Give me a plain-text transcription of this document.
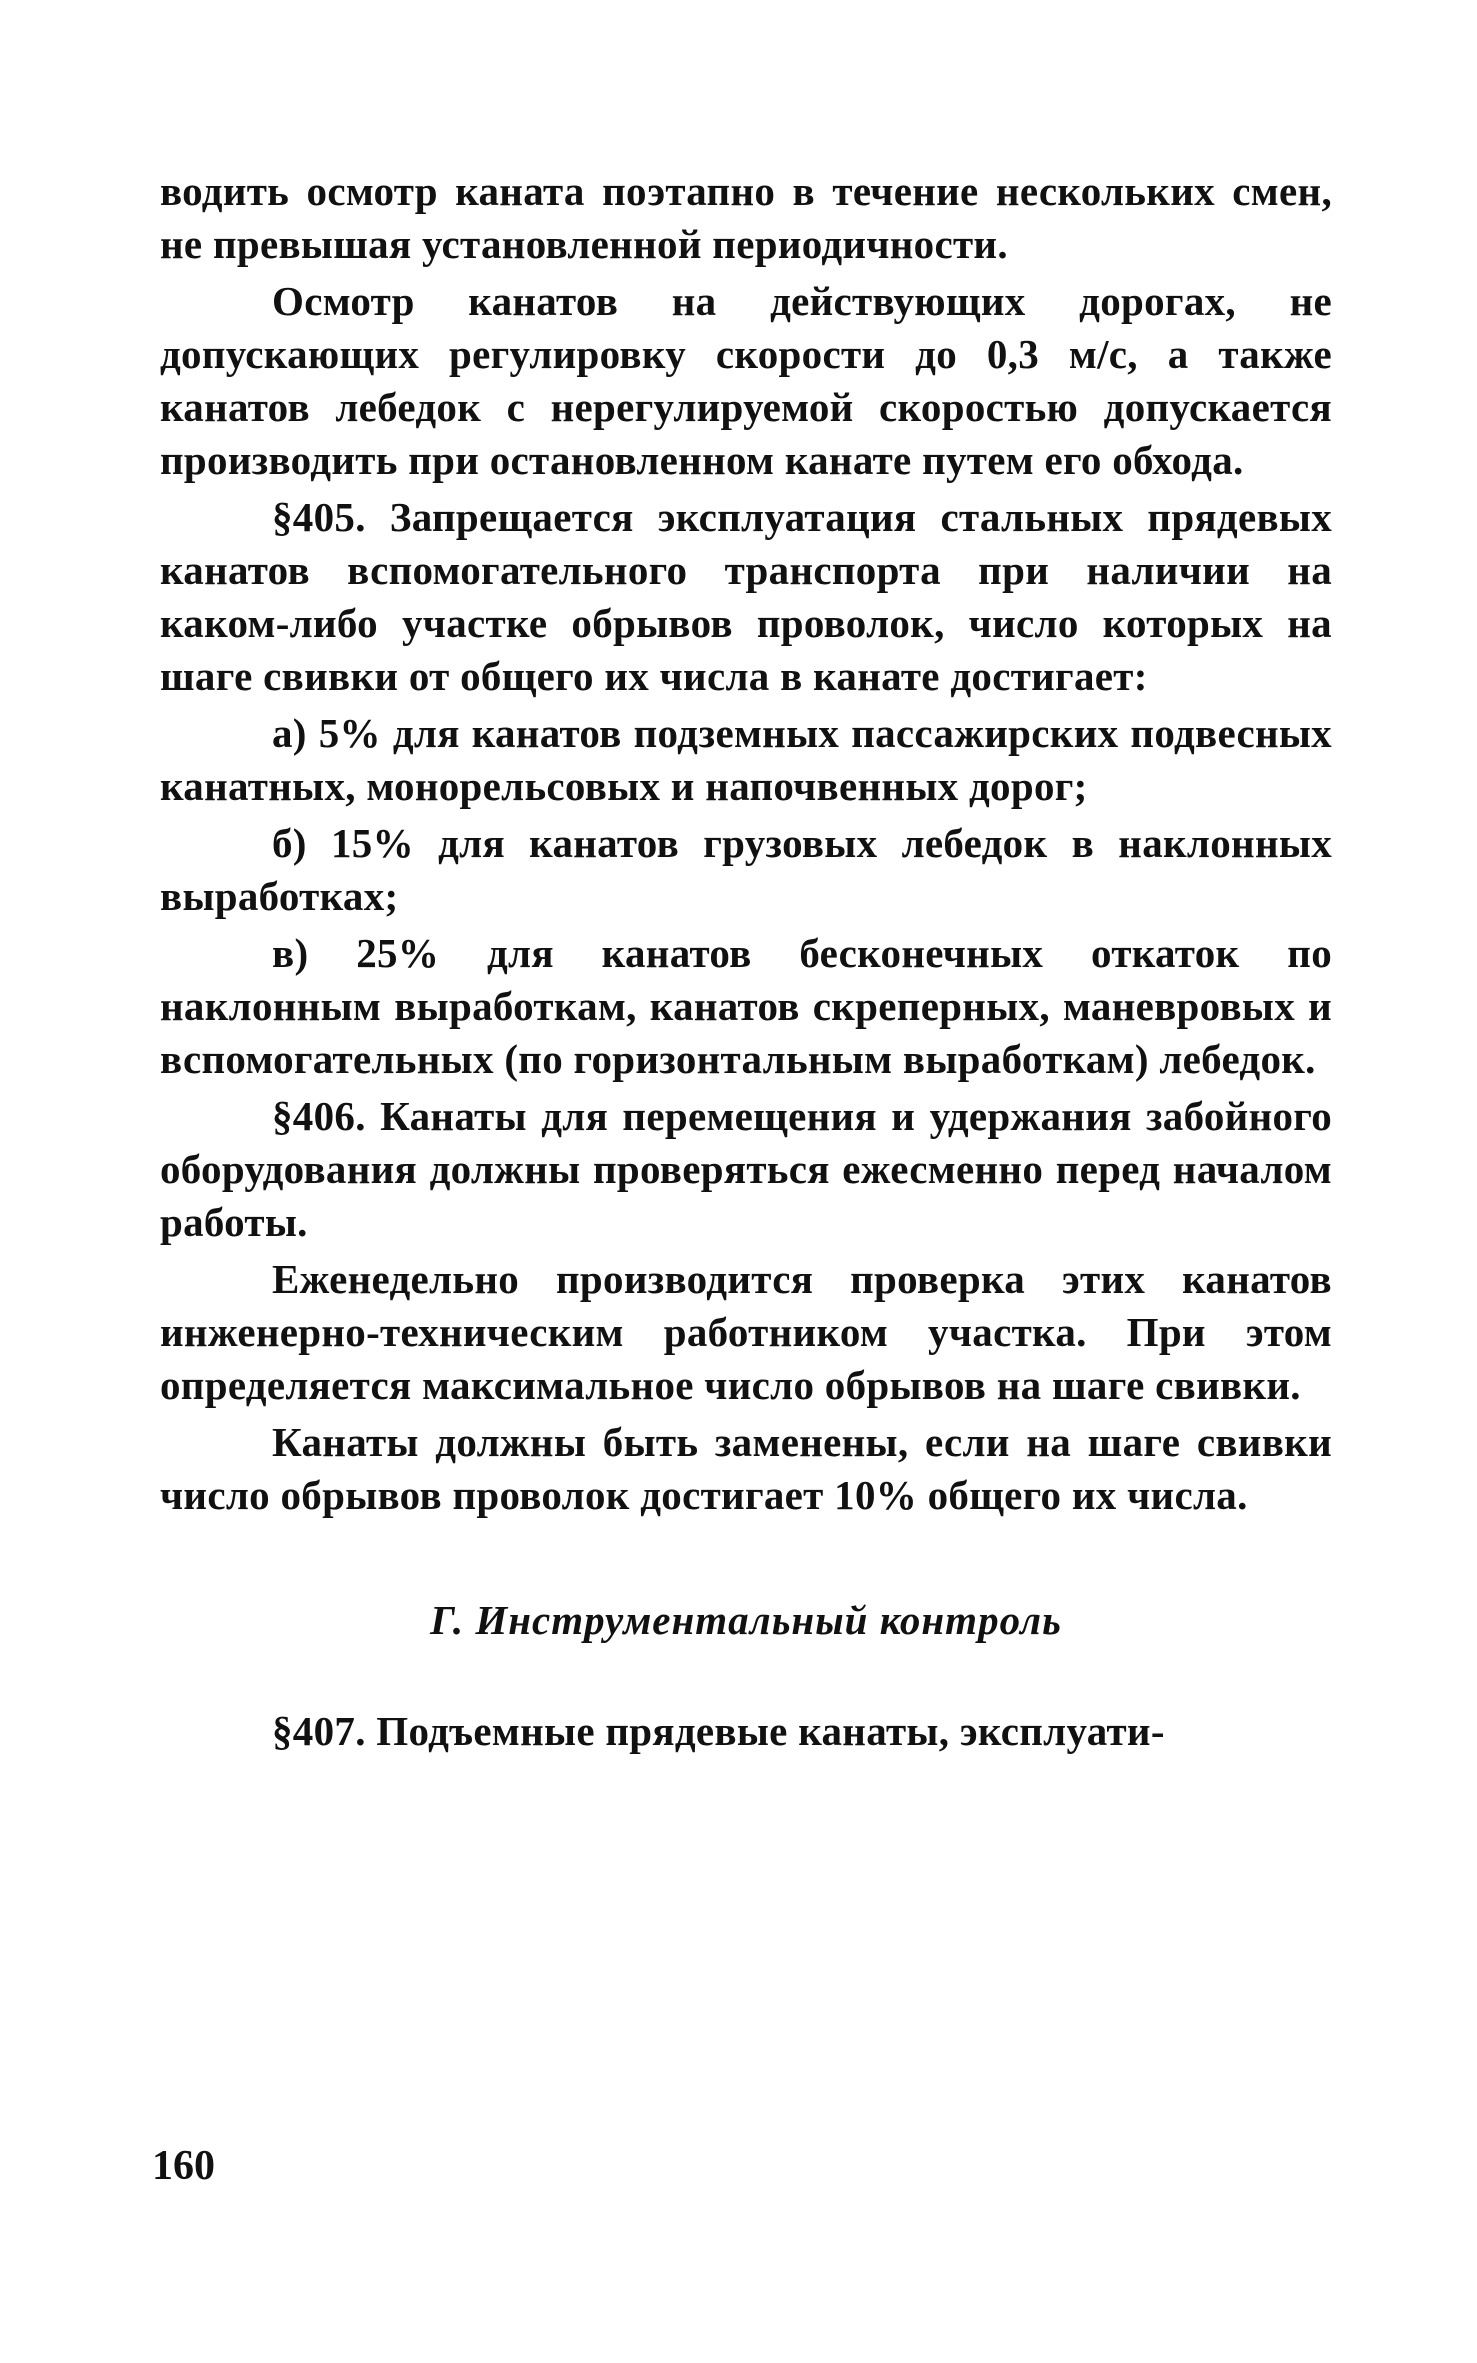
водить осмотр каната поэтапно в течение нескольких смен, не превышая установленной периодичности.

Осмотр канатов на действующих дорогах, не допускающих регулировку скорости до 0,3 м/с, а также канатов лебедок с нерегулируемой скоростью допускается производить при остановленном канате путем его обхода.

§405. Запрещается эксплуатация стальных прядевых канатов вспомогательного транспорта при наличии на каком-либо участке обрывов проволок, число которых на шаге свивки от общего их числа в канате достигает:

а) 5% для канатов подземных пассажирских подвесных канатных, монорельсовых и напочвенных дорог;

б) 15% для канатов грузовых лебедок в наклонных выработках;

в) 25% для канатов бесконечных откаток по наклонным выработкам, канатов скреперных, маневровых и вспомогательных (по горизонтальным выработкам) лебедок.

§406. Канаты для перемещения и удержания забойного оборудования должны проверяться ежесменно перед началом работы.

Еженедельно производится проверка этих канатов инженерно-техническим работником участка. При этом определяется максимальное число обрывов на шаге свивки.

Канаты должны быть заменены, если на шаге свивки число обрывов проволок достигает 10% общего их числа.

Г. Инструментальный контроль

§407. Подъемные прядевые канаты, эксплуати-

160
